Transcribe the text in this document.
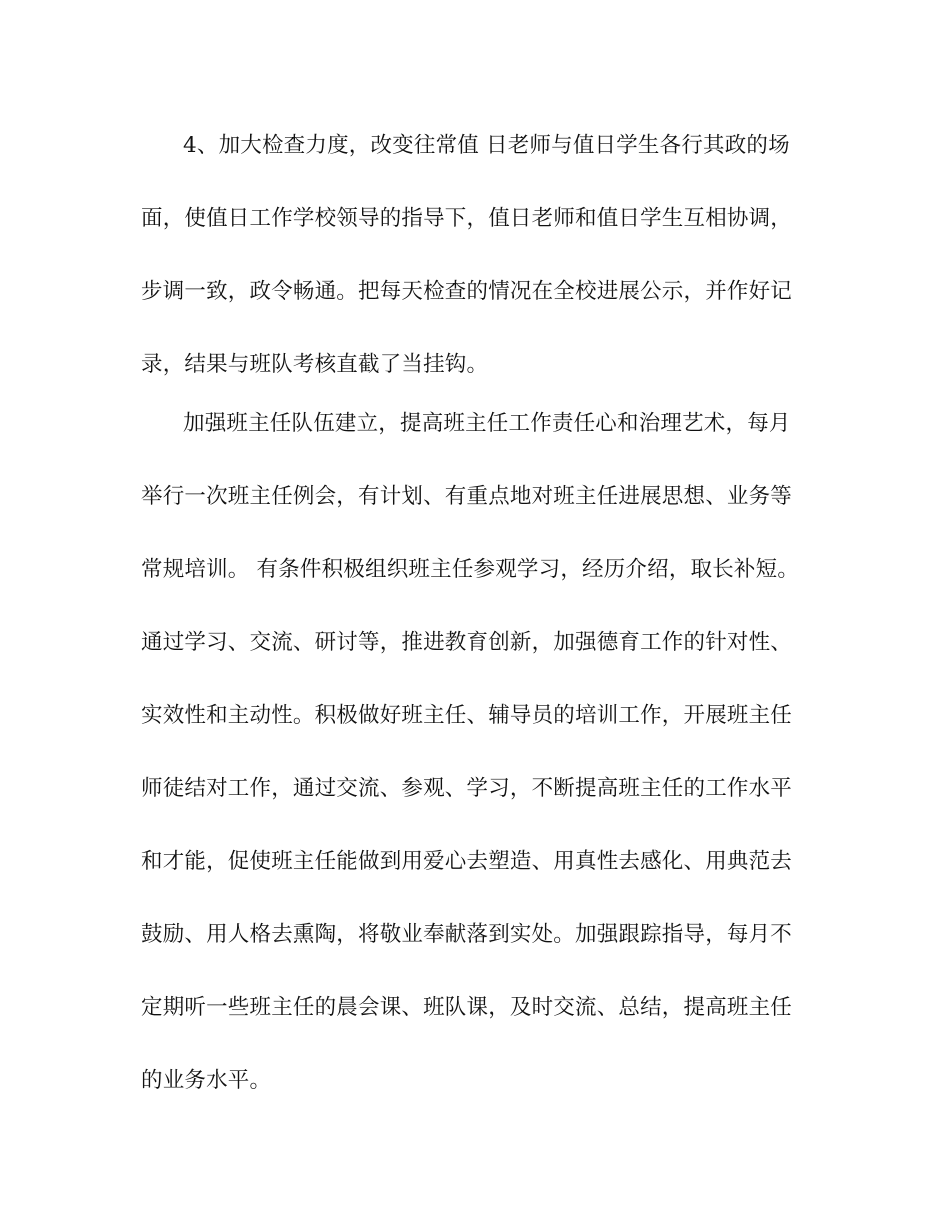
4、加大检查力度，改变往常值 日老师与值日学生各行其政的场
面，使值日工作学校领导的指导下，值日老师和值日学生互相协调，
步调一致，政令畅通。把每天检查的情况在全校进展公示，并作好记
录，结果与班队考核直截了当挂钩。
加强班主任队伍建立，提高班主任工作责任心和治理艺术，每月
举行一次班主任例会，有计划、有重点地对班主任进展思想、业务等
常规培训。 有条件积极组织班主任参观学习，经历介绍，取长补短。
通过学习、交流、研讨等，推进教育创新，加强德育工作的针对性、
实效性和主动性。积极做好班主任、辅导员的培训工作，开展班主任
师徒结对工作，通过交流、参观、学习，不断提高班主任的工作水平
和才能，促使班主任能做到用爱心去塑造、用真性去感化、用典范去
鼓励、用人格去熏陶，将敬业奉献落到实处。加强跟踪指导，每月不
定期听一些班主任的晨会课、班队课，及时交流、总结，提高班主任
的业务水平。
